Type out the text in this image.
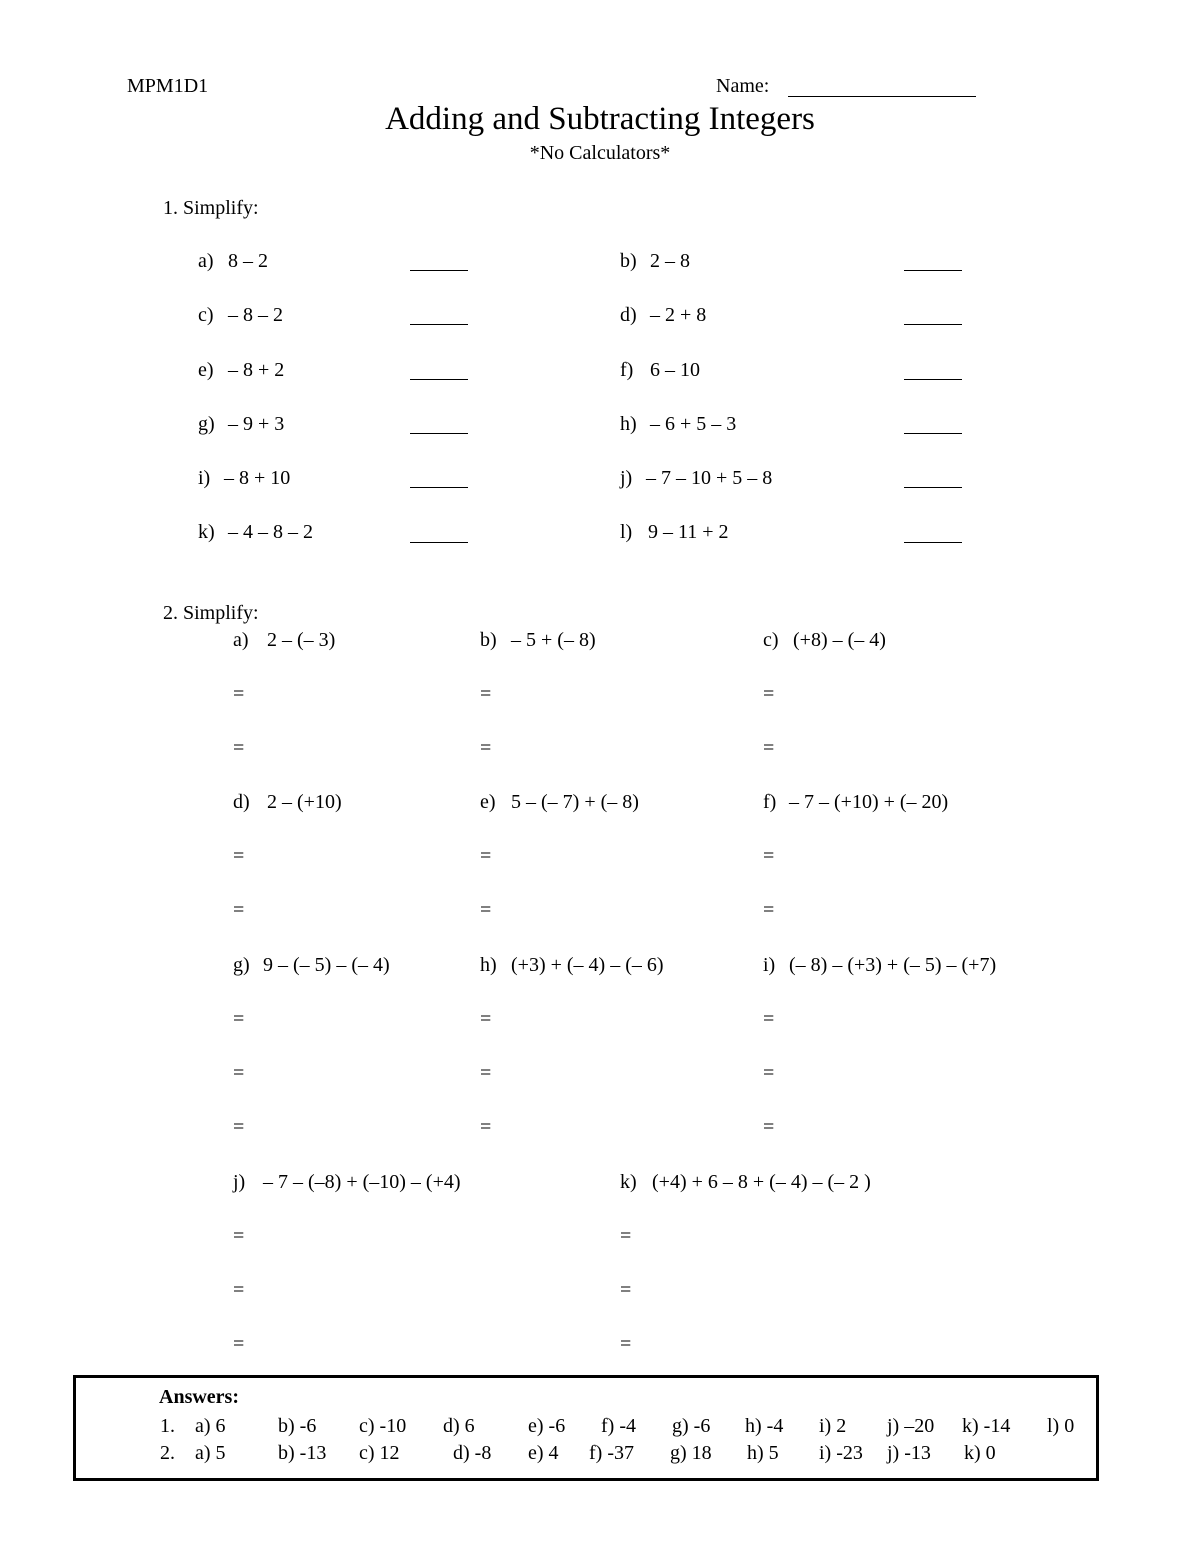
MPM1D1	Name:
Adding and Subtracting Integers
*No Calculators*
1. Simplify:
a) 8 – 2	b) 2 – 8
c) – 8 – 2	d) – 2 + 8
e) – 8 + 2	f) 6 – 10
g) – 9 + 3	h) – 6 + 5 – 3
i) – 8 + 10	j) – 7 – 10 + 5 – 8
k) – 4 – 8 – 2	l) 9 – 11 + 2
2. Simplify:
a) 2 – (– 3)	b) – 5 + (– 8)	c) (+8) – (– 4)
=	=	=
=	=	=
d) 2 – (+10)	e) 5 – (– 7) + (– 8)	f) – 7 – (+10) + (– 20)
=	=	=
=	=	=
g) 9 – (– 5) – (– 4)	h) (+3) + (– 4) – (– 6)	i) (– 8) – (+3) + (– 5) – (+7)
=	=	=
=	=	=
=	=	=
j) – 7 – (–8) + (–10) – (+4)	k) (+4) + 6 – 8 + (– 4) – (– 2 )
=	=
=	=
=	=
Answers:
1. a) 6	b) -6 c) -10 d) 6	e) -6 f) -4 g) -6 h) -4 i) 2 j) –20 k) -14 l) 0
2. a) 5	b) -13 c) 12	d) -8 e) 4 f) -37 g) 18 h) 5 i) -23 j) -13 k) 0
